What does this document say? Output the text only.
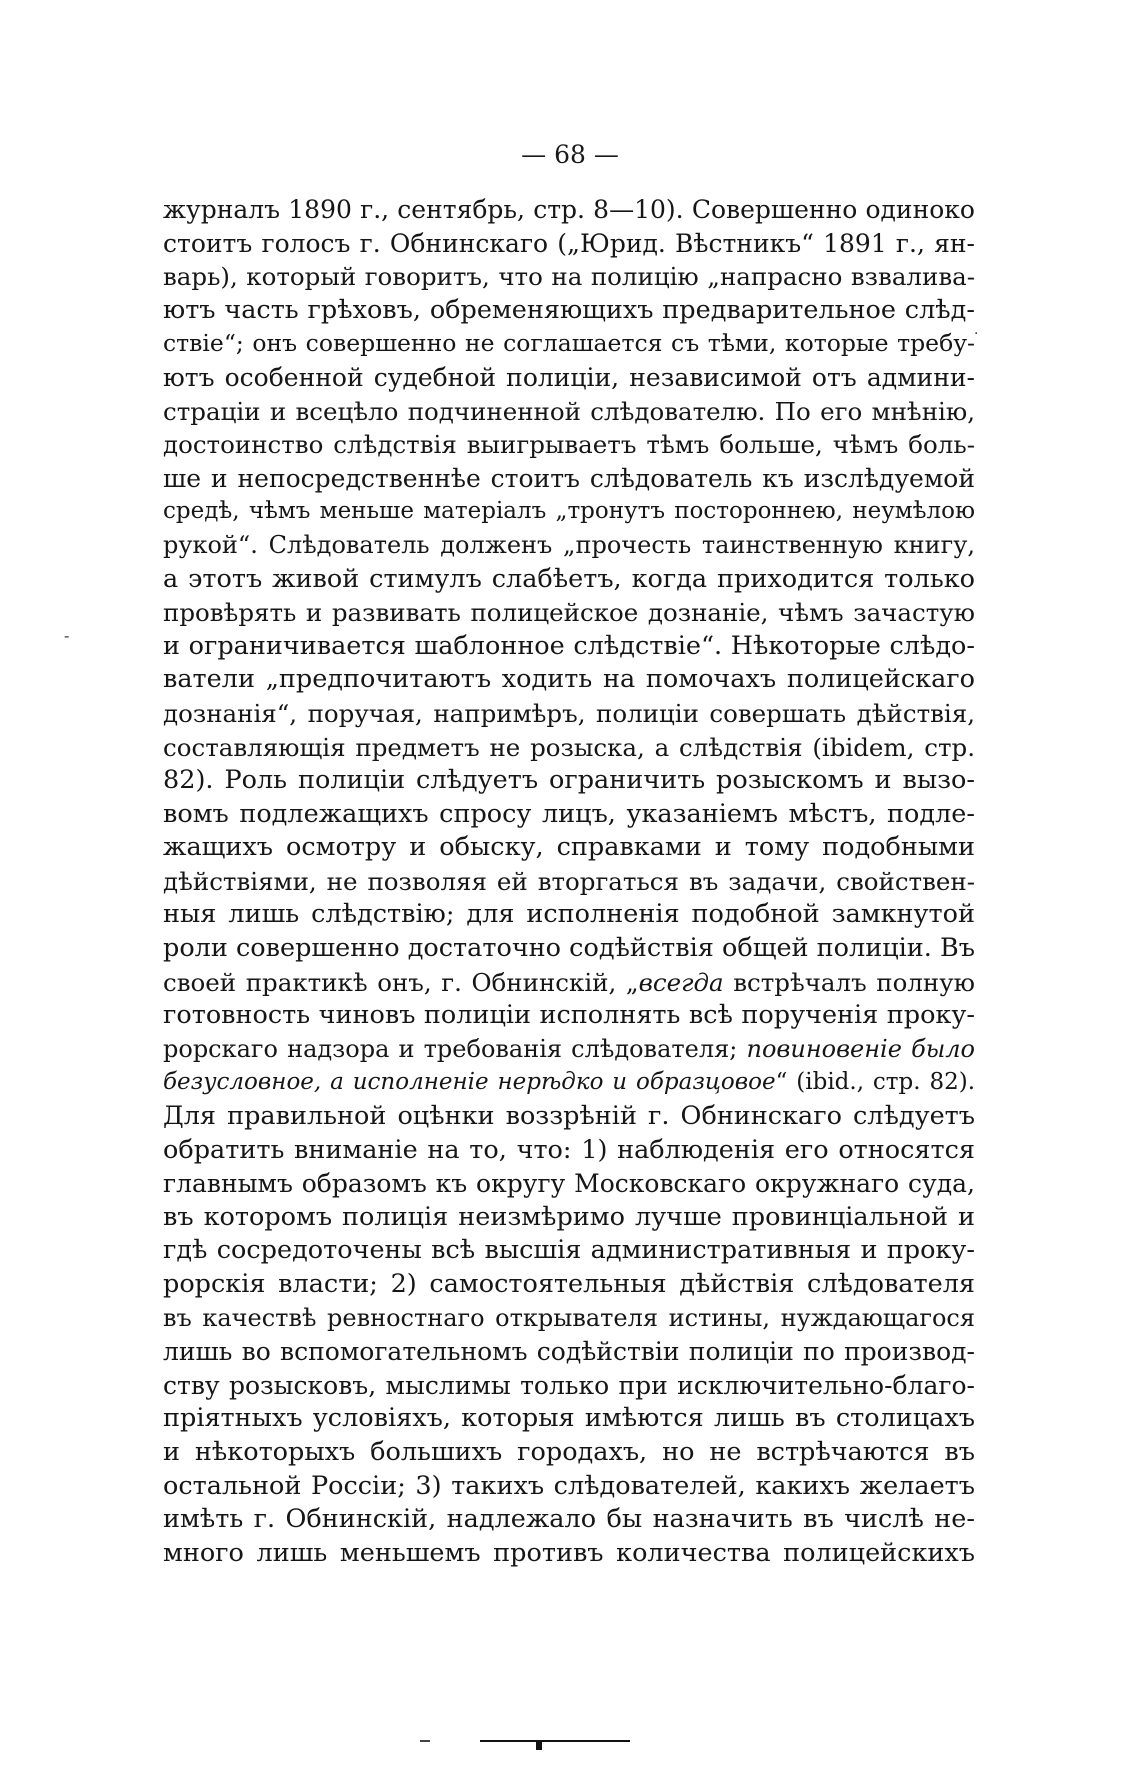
— 68 —
журналъ 1890 г., сентябрь, стр. 8—10). Совершенно одиноко
стоитъ голосъ г. Обнинскаго („Юрид. Вѣстникъ“ 1891 г., ян-
варь), который говоритъ, что на полицію „напрасно взвалива-
ютъ часть грѣховъ, обременяющихъ предварительное слѣд-
ствіе“; онъ совершенно не соглашается съ тѣми, которые требу-
ютъ особенной судебной полиціи, независимой отъ админи-
страціи и всецѣло подчиненной слѣдователю. По его мнѣнію,
достоинство слѣдствія выигрываетъ тѣмъ больше, чѣмъ боль-
ше и непосредственнѣе стоитъ слѣдователь къ изслѣдуемой
средѣ, чѣмъ меньше матеріалъ „тронутъ постороннею, неумѣлою
рукой“. Слѣдователь долженъ „прочесть таинственную книгу,
а этотъ живой стимулъ слабѣетъ, когда приходится только
провѣрять и развивать полицейское дознаніе, чѣмъ зачастую
и ограничивается шаблонное слѣдствіе“. Нѣкоторые слѣдо-
ватели „предпочитаютъ ходить на помочахъ полицейскаго
дознанія“, поручая, напримѣръ, полиціи совершать дѣйствія,
составляющія предметъ не розыска, а слѣдствія (ibidem, стр.
82). Роль полиціи слѣдуетъ ограничить розыскомъ и вызо-
вомъ подлежащихъ спросу лицъ, указаніемъ мѣстъ, подле-
жащихъ осмотру и обыску, справками и тому подобными
дѣйствіями, не позволяя ей вторгаться въ задачи, свойствен-
ныя лишь слѣдствію; для исполненія подобной замкнутой
роли совершенно достаточно содѣйствія общей полиціи. Въ
своей практикѣ онъ, г. Обнинскій, „всегда встрѣчалъ полную
готовность чиновъ полиціи исполнять всѣ порученія проку-
рорскаго надзора и требованія слѣдователя; повиновеніе было
безусловное, а исполненіе нерѣдко и образцовое“ (ibid., стр. 82).
Для правильной оцѣнки воззрѣній г. Обнинскаго слѣдуетъ
обратить вниманіе на то, что: 1) наблюденія его относятся
главнымъ образомъ къ округу Московскаго окружнаго суда,
въ которомъ полиція неизмѣримо лучше провинціальной и
гдѣ сосредоточены всѣ высшія административныя и проку-
рорскія власти; 2) самостоятельныя дѣйствія слѣдователя
въ качествѣ ревностнаго открывателя истины, нуждающагося
лишь во вспомогательномъ содѣйствіи полиціи по производ-
ству розысковъ, мыслимы только при исключительно-благо-
пріятныхъ условіяхъ, которыя имѣются лишь въ столицахъ
и нѣкоторыхъ большихъ городахъ, но не встрѣчаются въ
остальной Россіи; 3) такихъ слѣдователей, какихъ желаетъ
имѣть г. Обнинскій, надлежало бы назначить въ числѣ не-
много лишь меньшемъ противъ количества полицейскихъ
·
-
